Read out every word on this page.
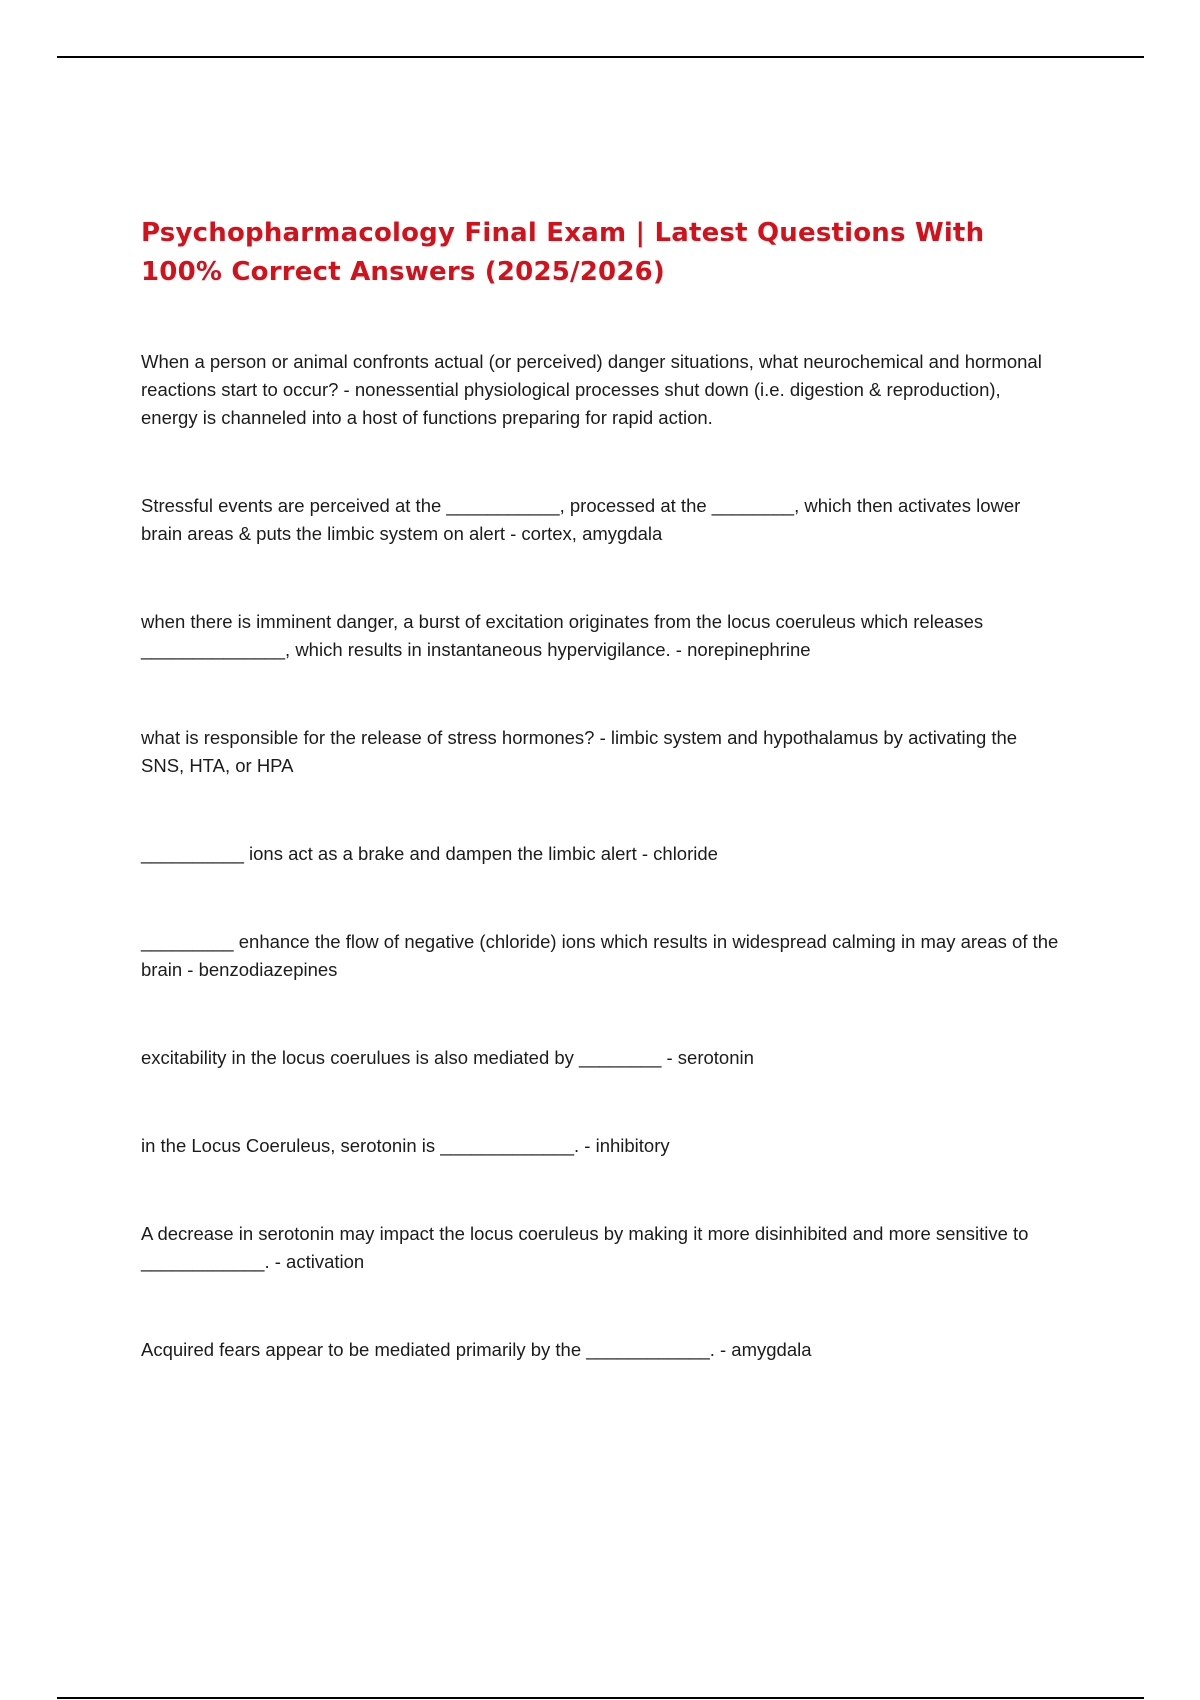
Psychopharmacology Final Exam | Latest Questions With 100% Correct Answers (2025/2026)
When a person or animal confronts actual (or perceived) danger situations, what neurochemical and hormonal reactions start to occur? - nonessential physiological processes shut down (i.e. digestion & reproduction), energy is channeled into a host of functions preparing for rapid action.
Stressful events are perceived at the ___________, processed at the ________, which then activates lower brain areas & puts the limbic system on alert - cortex, amygdala
when there is imminent danger, a burst of excitation originates from the locus coeruleus which releases ______________, which results in instantaneous hypervigilance. - norepinephrine
what is responsible for the release of stress hormones? - limbic system and hypothalamus by activating the SNS, HTA, or HPA
__________ ions act as a brake and dampen the limbic alert - chloride
_________ enhance the flow of negative (chloride) ions which results in widespread calming in may areas of the brain - benzodiazepines
excitability in the locus coerulues is also mediated by ________ - serotonin
in the Locus Coeruleus, serotonin is _____________. - inhibitory
A decrease in serotonin may impact the locus coeruleus by making it more disinhibited and more sensitive to ____________. - activation
Acquired fears appear to be mediated primarily by the ____________. - amygdala
